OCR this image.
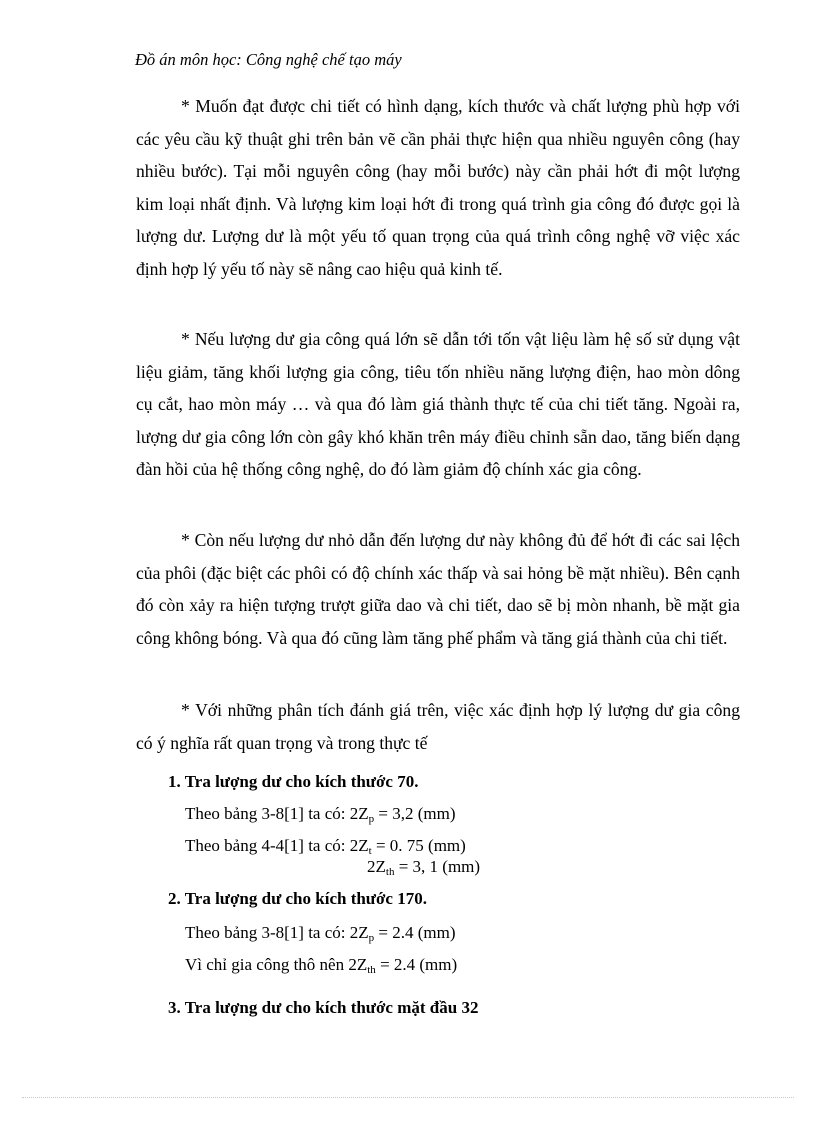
Đồ án môn học: Công nghệ chế tạo máy

* Muốn đạt được chi tiết có hình dạng, kích thước và chất lượng phù hợp với các yêu cầu kỹ thuật ghi trên bản vẽ cần phải thực hiện qua nhiều nguyên công (hay nhiều bước). Tại mỗi nguyên công (hay mỗi bước) này cần phải hớt đi một lượng kim loại nhất định. Và lượng kim loại hớt đi trong quá trình gia công đó được gọi là lượng dư. Lượng dư là một yếu tố quan trọng của quá trình công nghệ vỡ việc xác định hợp lý yếu tố này sẽ nâng cao hiệu quả kinh tế.

* Nếu lượng dư gia công quá lớn sẽ dẫn tới tốn vật liệu làm hệ số sử dụng vật liệu giảm, tăng khối lượng gia công, tiêu tốn nhiều năng lượng điện, hao mòn dông cụ cắt, hao mòn máy … và qua đó làm giá thành thực tế của chi tiết tăng. Ngoài ra, lượng dư gia công lớn còn gây khó khăn trên máy điều chỉnh sẵn dao, tăng biến dạng đàn hồi của hệ thống công nghệ, do đó làm giảm độ chính xác gia công.

* Còn nếu lượng dư nhỏ dẫn đến lượng dư này không đủ để hớt đi các sai lệch của phôi (đặc biệt các phôi có độ chính xác thấp và sai hỏng bề mặt nhiều). Bên cạnh đó còn xảy ra hiện tượng trượt giữa dao và chi tiết, dao sẽ bị mòn nhanh, bề mặt gia công không bóng. Và qua đó cũng làm tăng phế phẩm và tăng giá thành của chi tiết.

* Với những phân tích đánh giá trên, việc xác định hợp lý lượng dư gia công có ý nghĩa rất quan trọng và trong thực tế

1. Tra lượng dư cho kích thước 70.
Theo bảng 3-8[1] ta có: $2Z_p = 3,2$ (mm)
Theo bảng 4-4[1] ta có: $2Z_t = 0$. 75 (mm)
$2Z_{th} = 3$, 1 (mm)
2. Tra lượng dư cho kích thước 170.
Theo bảng 3-8[1] ta có: $2Z_p = 2.4$ (mm)
Vì chỉ gia công thô nên $2Z_{th} = 2.4$ (mm)
3. Tra lượng dư cho kích thước mặt đầu 32
